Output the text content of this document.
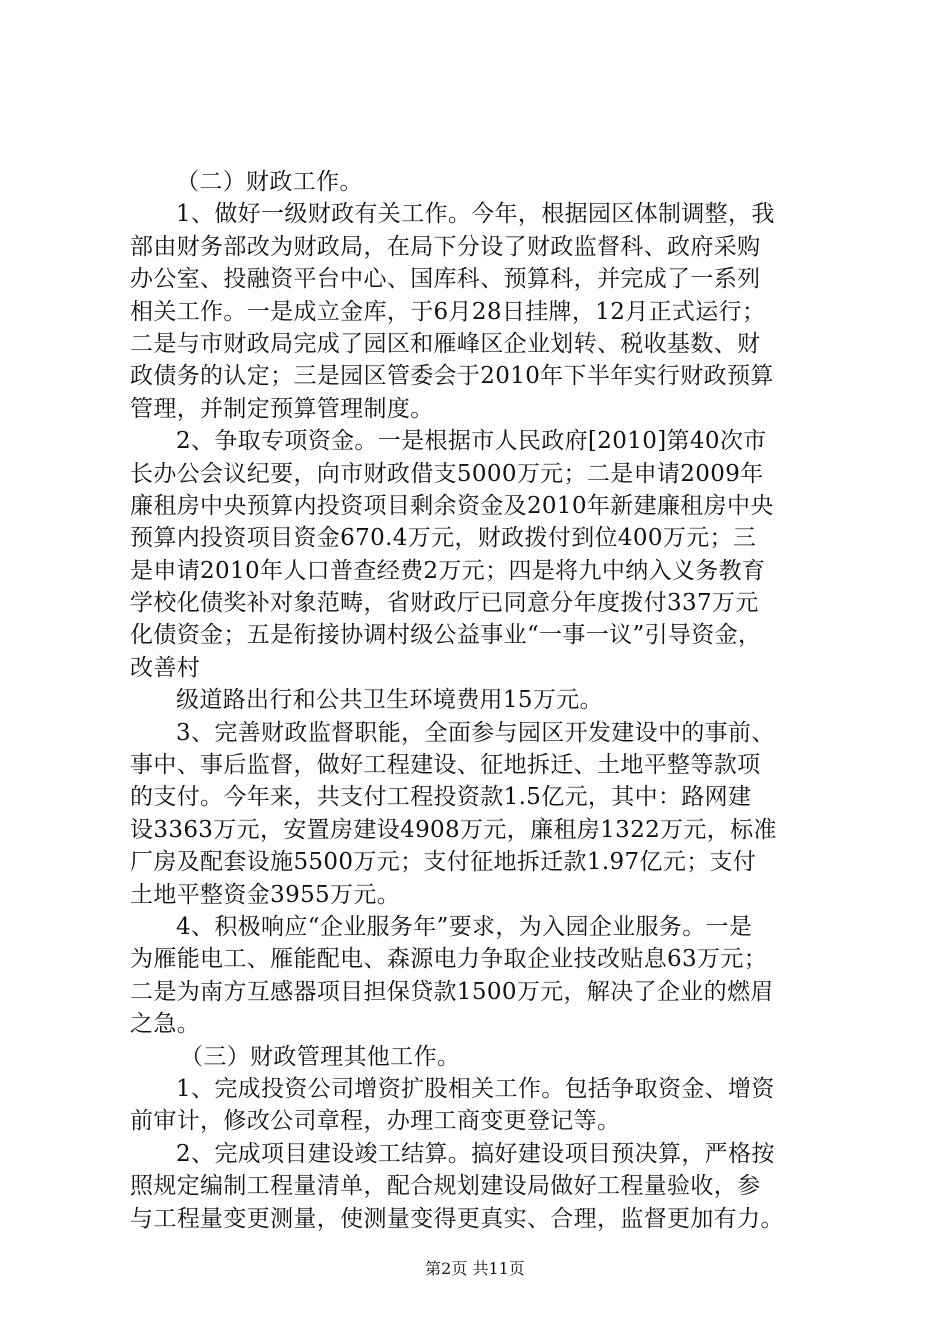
（二）财政工作。
1、做好一级财政有关工作。今年，根据园区体制调整，我
部由财务部改为财政局，在局下分设了财政监督科、政府采购
办公室、投融资平台中心、国库科、预算科，并完成了一系列
相关工作。一是成立金库，于6月28日挂牌，12月正式运行；
二是与市财政局完成了园区和雁峰区企业划转、税收基数、财
政债务的认定；三是园区管委会于2010年下半年实行财政预算
管理，并制定预算管理制度。
2、争取专项资金。一是根据市人民政府[2010]第40次市
长办公会议纪要，向市财政借支5000万元；二是申请2009年
廉租房中央预算内投资项目剩余资金及2010年新建廉租房中央
预算内投资项目资金670.4万元，财政拨付到位400万元；三
是申请2010年人口普查经费2万元；四是将九中纳入义务教育
学校化债奖补对象范畴，省财政厅已同意分年度拨付337万元
化债资金；五是衔接协调村级公益事业“一事一议”引导资金，
改善村
级道路出行和公共卫生环境费用15万元。
3、完善财政监督职能，全面参与园区开发建设中的事前、
事中、事后监督，做好工程建设、征地拆迁、土地平整等款项
的支付。今年来，共支付工程投资款1.5亿元，其中：路网建
设3363万元，安置房建设4908万元，廉租房1322万元，标准
厂房及配套设施5500万元；支付征地拆迁款1.97亿元；支付
土地平整资金3955万元。
4、积极响应“企业服务年”要求，为入园企业服务。一是
为雁能电工、雁能配电、森源电力争取企业技改贴息63万元；
二是为南方互感器项目担保贷款1500万元，解决了企业的燃眉
之急。
（三）财政管理其他工作。
1、完成投资公司增资扩股相关工作。包括争取资金、增资
前审计，修改公司章程，办理工商变更登记等。
2、完成项目建设竣工结算。搞好建设项目预决算，严格按
照规定编制工程量清单，配合规划建设局做好工程量验收，参
与工程量变更测量，使测量变得更真实、合理，监督更加有力。
第2页 共11页
